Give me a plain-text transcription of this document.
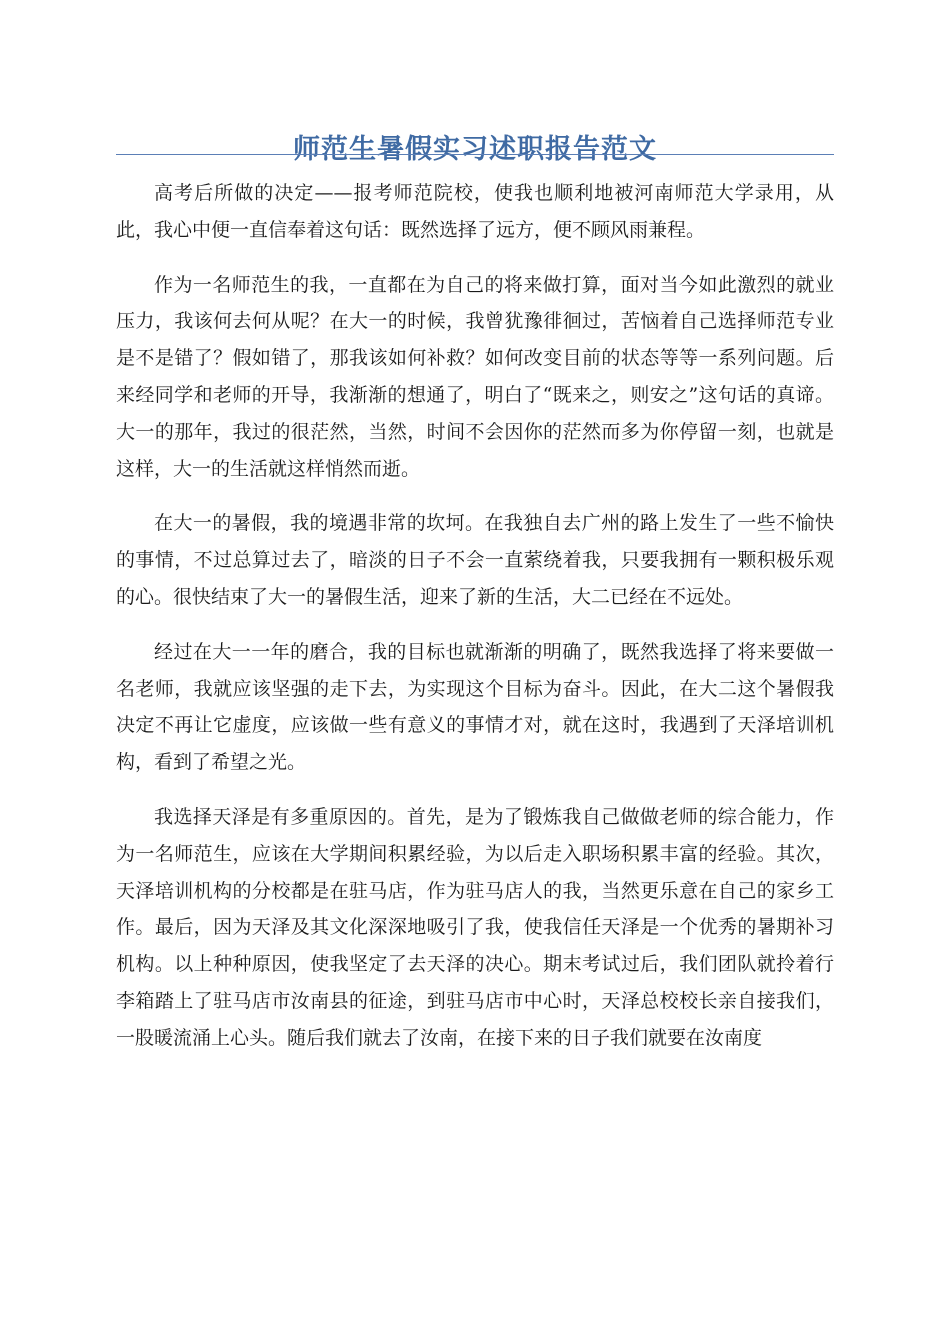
师范生暑假实习述职报告范文

高考后所做的决定——报考师范院校，使我也顺利地被河南师范大学录用，从此，我心中便一直信奉着这句话：既然选择了远方，便不顾风雨兼程。

作为一名师范生的我，一直都在为自己的将来做打算，面对当今如此激烈的就业压力，我该何去何从呢？在大一的时候，我曾犹豫徘徊过，苦恼着自己选择师范专业是不是错了？假如错了，那我该如何补救？如何改变目前的状态等等一系列问题。后来经同学和老师的开导，我渐渐的想通了，明白了“既来之，则安之”这句话的真谛。大一的那年，我过的很茫然，当然，时间不会因你的茫然而多为你停留一刻，也就是这样，大一的生活就这样悄然而逝。

在大一的暑假，我的境遇非常的坎坷。在我独自去广州的路上发生了一些不愉快的事情，不过总算过去了，暗淡的日子不会一直萦绕着我，只要我拥有一颗积极乐观的心。很快结束了大一的暑假生活，迎来了新的生活，大二已经在不远处。

经过在大一一年的磨合，我的目标也就渐渐的明确了，既然我选择了将来要做一名老师，我就应该坚强的走下去，为实现这个目标为奋斗。因此，在大二这个暑假我决定不再让它虚度，应该做一些有意义的事情才对，就在这时，我遇到了天泽培训机构，看到了希望之光。

我选择天泽是有多重原因的。首先，是为了锻炼我自己做做老师的综合能力，作为一名师范生，应该在大学期间积累经验，为以后走入职场积累丰富的经验。其次，天泽培训机构的分校都是在驻马店，作为驻马店人的我，当然更乐意在自己的家乡工作。最后，因为天泽及其文化深深地吸引了我，使我信任天泽是一个优秀的暑期补习机构。以上种种原因，使我坚定了去天泽的决心。期末考试过后，我们团队就拎着行李箱踏上了驻马店市汝南县的征途，到驻马店市中心时，天泽总校校长亲自接我们，一股暖流涌上心头。随后我们就去了汝南，在接下来的日子我们就要在汝南度
